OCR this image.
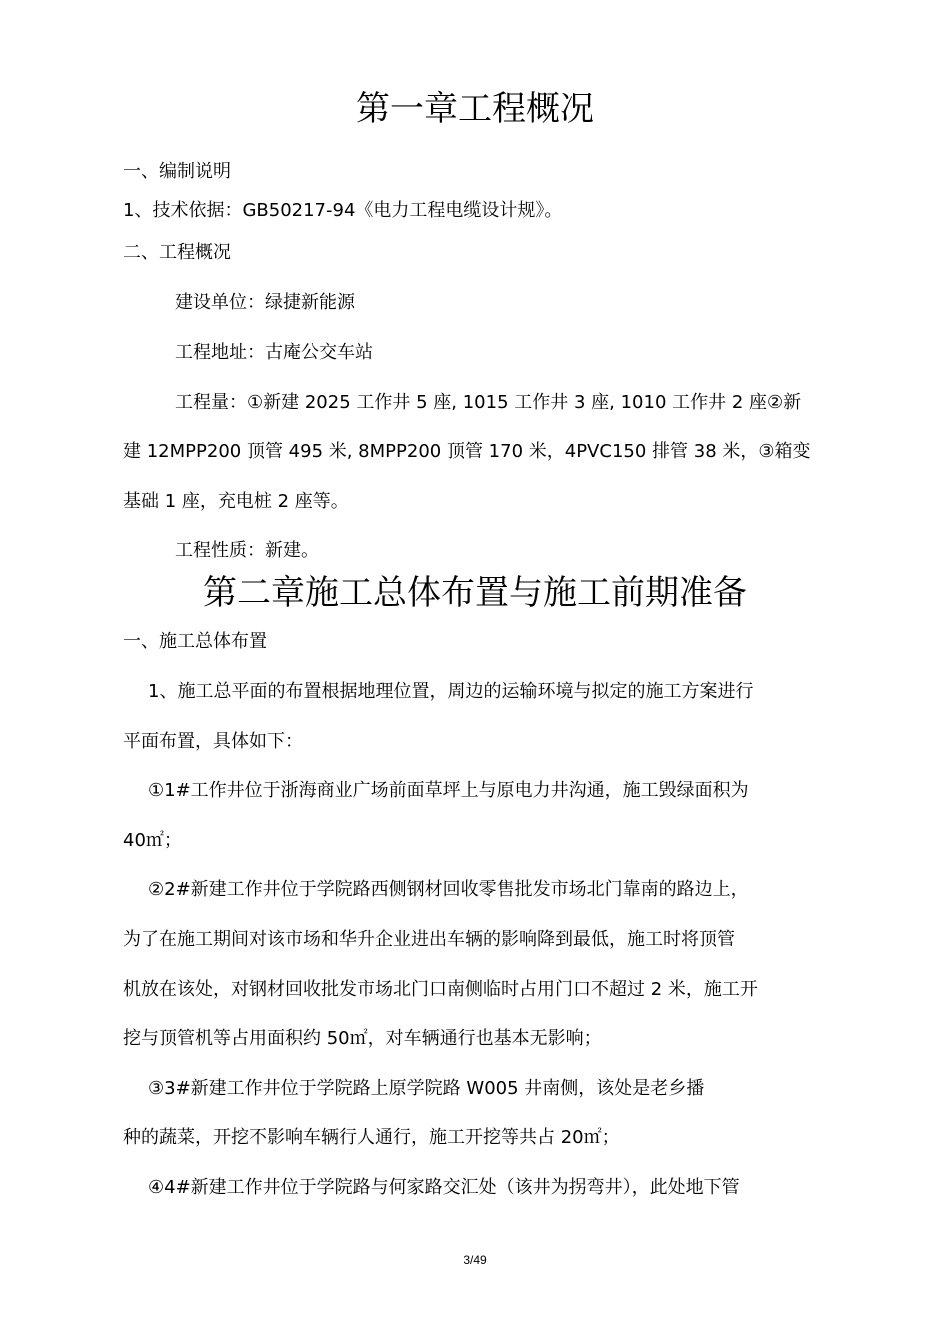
第一章工程概况
一、编制说明
1、技术依据：GB50217-94《电力工程电缆设计规》。
二、工程概况
建设单位：绿捷新能源
工程地址：古庵公交车站
工程量：①新建 2025 工作井 5 座, 1015 工作井 3 座, 1010 工作井 2 座②新
建 12MPP200 顶管 495 米, 8MPP200 顶管 170 米，4PVC150 排管 38 米，③箱变
基础 1 座，充电桩 2 座等。
工程性质：新建。
第二章施工总体布置与施工前期准备
一、施工总体布置
1、施工总平面的布置根据地理位置，周边的运输环境与拟定的施工方案进行
平面布置，具体如下：
①1#工作井位于浙海商业广场前面草坪上与原电力井沟通，施工毁绿面积为
40㎡；
②2#新建工作井位于学院路西侧钢材回收零售批发市场北门靠南的路边上，
为了在施工期间对该市场和华升企业进出车辆的影响降到最低，施工时将顶管
机放在该处，对钢材回收批发市场北门口南侧临时占用门口不超过 2 米，施工开
挖与顶管机等占用面积约 50㎡，对车辆通行也基本无影响；
③3#新建工作井位于学院路上原学院路 W005 井南侧，该处是老乡播
种的蔬菜，开挖不影响车辆行人通行，施工开挖等共占 20㎡；
④4#新建工作井位于学院路与何家路交汇处（该井为拐弯井），此处地下管
3/49
